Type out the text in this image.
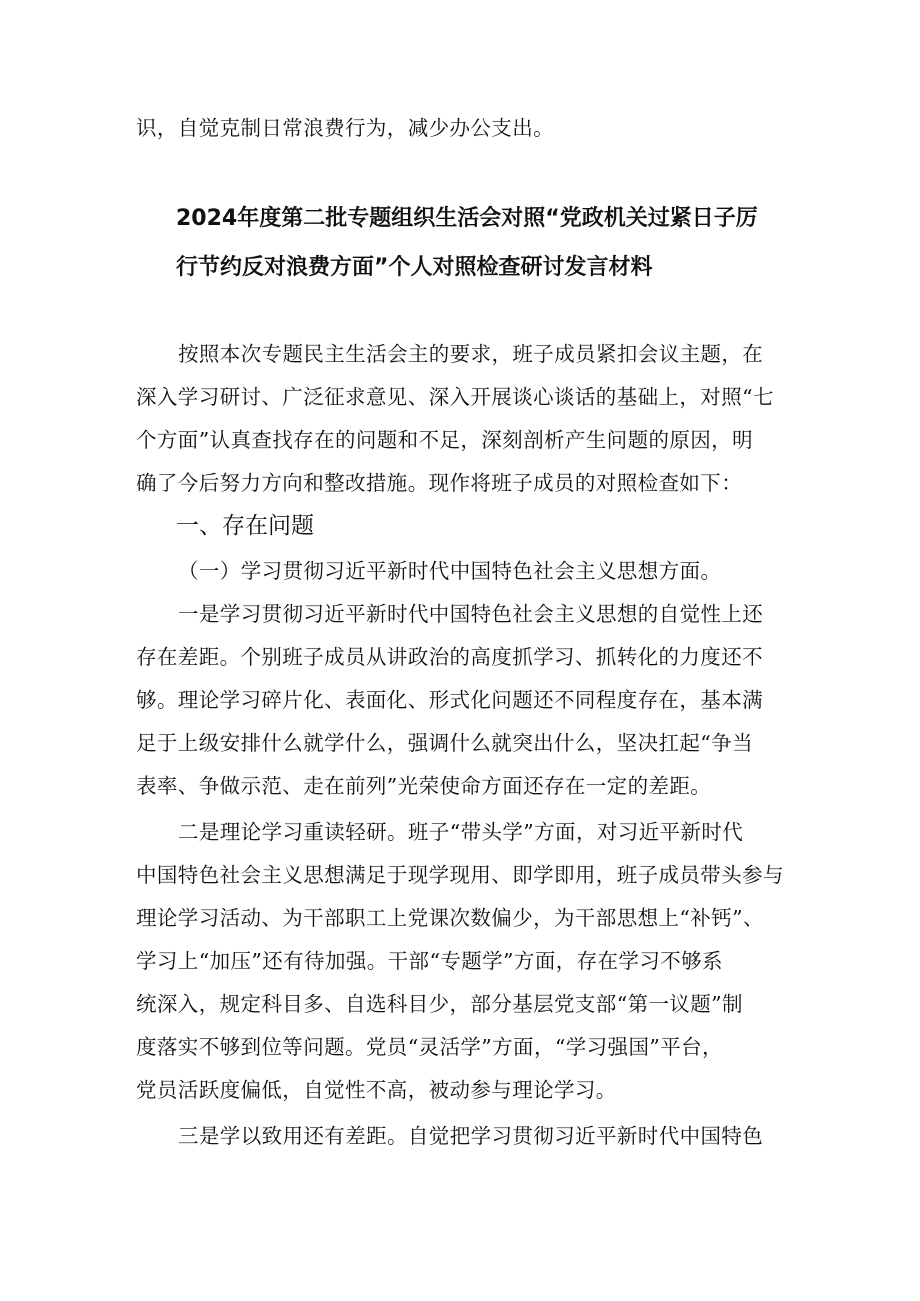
识，自觉克制日常浪费行为，减少办公支出。
2024年度第二批专题组织生活会对照“党政机关过紧日子厉
行节约反对浪费方面”个人对照检查研讨发言材料
按照本次专题民主生活会主的要求，班子成员紧扣会议主题，在
深入学习研讨、广泛征求意见、深入开展谈心谈话的基础上，对照“七
个方面”认真查找存在的问题和不足，深刻剖析产生问题的原因，明
确了今后努力方向和整改措施。现作将班子成员的对照检查如下：
一、存在问题
（一）学习贯彻习近平新时代中国特色社会主义思想方面。
一是学习贯彻习近平新时代中国特色社会主义思想的自觉性上还
存在差距。个别班子成员从讲政治的高度抓学习、抓转化的力度还不
够。理论学习碎片化、表面化、形式化问题还不同程度存在，基本满
足于上级安排什么就学什么，强调什么就突出什么，坚决扛起“争当
表率、争做示范、走在前列”光荣使命方面还存在一定的差距。
二是理论学习重读轻研。班子“带头学”方面，对习近平新时代
中国特色社会主义思想满足于现学现用、即学即用，班子成员带头参与
理论学习活动、为干部职工上党课次数偏少，为干部思想上“补钙”、
学习上“加压”还有待加强。干部“专题学”方面，存在学习不够系
统深入，规定科目多、自选科目少，部分基层党支部“第一议题”制
度落实不够到位等问题。党员“灵活学”方面，“学习强国”平台，
党员活跃度偏低，自觉性不高，被动参与理论学习。
三是学以致用还有差距。自觉把学习贯彻习近平新时代中国特色
